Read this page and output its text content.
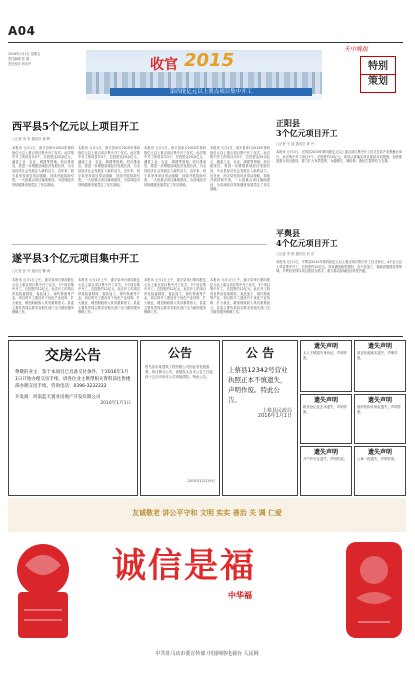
A04
2016年1月1日 星期五
责任编辑 张 瑾
责任校对 杨亦中	收官 2015
第四批亿元以上重点项目集中开工
天中晚报
特别
策划
西平县5个亿元以上项目开工
□记者 刘 军 通讯员 谢 辉
本报讯 元月1日，西平县举行2015年第四批亿元以上重点项目集中开工仪式。此次集中开工的项目共5个，总投资达20余亿元，涵盖工业、农业、城建等领域。项目建成后，将进一步增强县域经济发展后劲，为全县经济社会发展注入新的活力。近年来，西平县坚持项目带动战略，持续开展招商引资，一大批重点项目落地建设，为县域经济持续健康发展奠定了坚实基础。
本报讯 元月1日，西平县举行2015年第四批亿元以上重点项目集中开工仪式。此次集中开工的项目共5个，总投资达20余亿元，涵盖工业、农业、城建等领域。项目建成后，将进一步增强县域经济发展后劲，为全县经济社会发展注入新的活力。近年来，西平县坚持项目带动战略，持续开展招商引资，一大批重点项目落地建设，为县域经济持续健康发展奠定了坚实基础。
本报讯 元月1日，西平县举行2015年第四批亿元以上重点项目集中开工仪式。此次集中开工的项目共5个，总投资达20余亿元，涵盖工业、农业、城建等领域。项目建成后，将进一步增强县域经济发展后劲，为全县经济社会发展注入新的活力。近年来，西平县坚持项目带动战略，持续开展招商引资，一大批重点项目落地建设，为县域经济持续健康发展奠定了坚实基础。
本报讯 元月1日，西平县举行2015年第四批亿元以上重点项目集中开工仪式。此次集中开工的项目共5个，总投资达20余亿元，涵盖工业、农业、城建等领域。项目建成后，将进一步增强县域经济发展后劲，为全县经济社会发展注入新的活力。近年来，西平县坚持项目带动战略，持续开展招商引资，一大批重点项目落地建设，为县域经济持续健康发展奠定了坚实基础。
正阳县
3个亿元项目开工
□记者 王 丽 通讯员 黄 丹
本报讯 元月1日，正阳县2015年第四批亿元以上重点项目集中开工仪式在县产业集聚区举行。此次集中开工项目3个，总投资约10亿元。该县认真落实项目建设各项措施，加快推进重大项目建设，着力扩大有效投资，为稳增长、调结构、惠民生提供有力支撑。
平舆县
4个亿元项目开工
□记者 李 明 通讯员 刘 洋
本报讯 元月1日，平舆县2015年第四批亿元以上重点项目集中开工仪式举行，4个亿元以上项目集中开工，总投资约15亿元。项目涵盖新型建材、农产品加工、基础设施建设等领域。平舆县坚持以项目建设为抓手，着力推动县域经济转型升级。
遂平县3个亿元项目集中开工
□记者 张 华 通讯员 魏 海
本报讯 元月1日上午，遂平县举行第四批亿元以上重点项目集中开工仪式，3个项目集中开工，总投资约12亿元。此次开工的项目涉及装备制造、食品加工、现代物流等产业，项目的开工建设对于优化产业结构、扩大就业、增加财政收入具有重要意义。县委主要负责同志要求各相关部门全力做好服务保障工作。
本报讯 元月1日上午，遂平县举行第四批亿元以上重点项目集中开工仪式，3个项目集中开工，总投资约12亿元。此次开工的项目涉及装备制造、食品加工、现代物流等产业，项目的开工建设对于优化产业结构、扩大就业、增加财政收入具有重要意义。县委主要负责同志要求各相关部门全力做好服务保障工作。
本报讯 元月1日上午，遂平县举行第四批亿元以上重点项目集中开工仪式，3个项目集中开工，总投资约12亿元。此次开工的项目涉及装备制造、食品加工、现代物流等产业，项目的开工建设对于优化产业结构、扩大就业、增加财政收入具有重要意义。县委主要负责同志要求各相关部门全力做好服务保障工作。
本报讯 元月1日上午，遂平县举行第四批亿元以上重点项目集中开工仪式，3个项目集中开工，总投资约12亿元。此次开工的项目涉及装备制造、食品加工、现代物流等产业，项目的开工建设对于优化产业结构、扩大就业、增加财政收入具有重要意义。县委主要负责同志要求各相关部门全力做好服务保障工作。
交房公告
尊敬的业主：鉴于本项目已具备交付条件，于2016年1月1日开始办理交房手续，请各位业主携带相关资料前往售楼部办理交房手续。咨询电话：0396-3232222
开发商：河南蓝天置业房地产开发有限公司
2016年1月1日
公告
驻马店市某建筑工程有限公司因业务发展需要，拟注销分公司，请债权人自本公告之日起四十五日内向本公司申报债权。特此公告。
2015年12月29日
公 告
上蔡县12342号营业执照正本不慎遗失，声明作废。特此公告。
上蔡县民政局
2016年1月1日
遗失声明
本人不慎遗失身份证，声明作废。
遗失声明
营业执照副本遗失，声明作废。
遗失声明
税务登记证正本遗失，声明作废。
遗失声明
组织机构代码证遗失，声明作废。
遗失声明
开户许可证遗失，声明作废。
遗失声明
公章一枚遗失，声明作废。
友诚敬老 讲公平守和 文明 实实 善治 关 调 仁爱
诚信是福
中华福
中共驻马店市委宣传部 中国网络电视台 人民网
